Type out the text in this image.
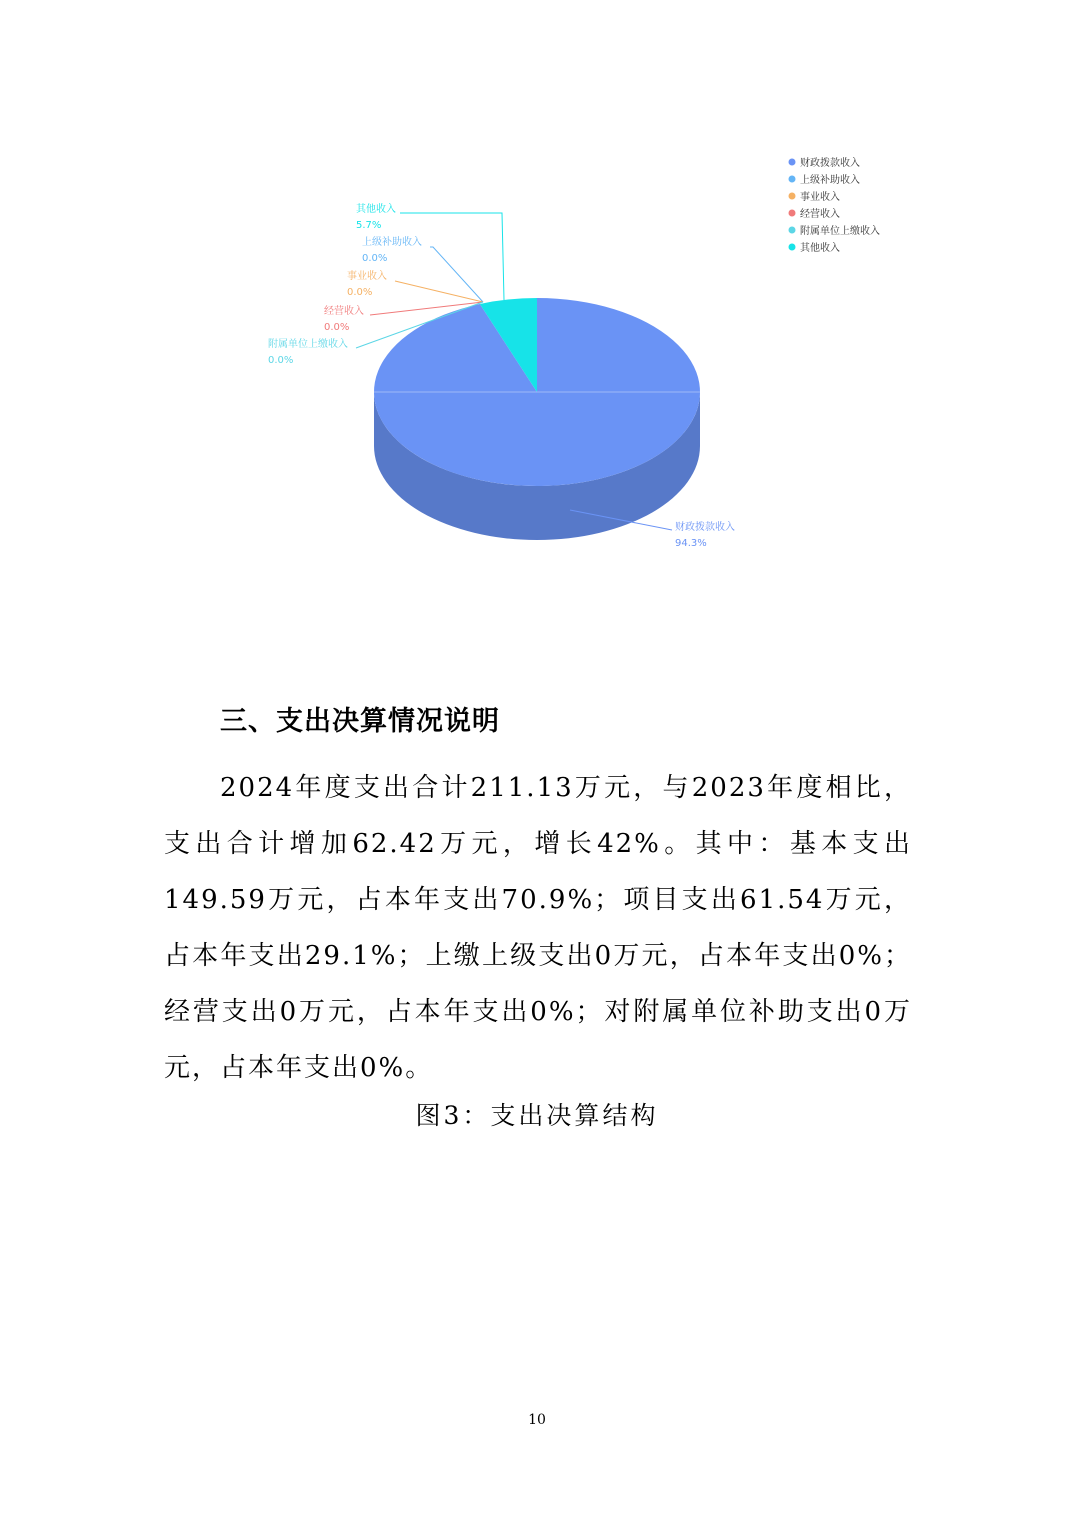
财政拨款收入
上级补助收入
事业收入
经营收入
附属单位上缴收入
其他收入
其他收入
5.7%
上级补助收入
0.0%
事业收入
0.0%
经营收入
0.0%
附属单位上缴收入
0.0%
财政拨款收入
94.3%
三、支出决算情况说明

2024年度支出合计211.13万元，与2023年度相比，支出合计增加62.42万元，增长42%。其中：基本支出149.59万元，占本年支出70.9%；项目支出61.54万元，占本年支出29.1%；上缴上级支出0万元，占本年支出0%；经营支出0万元，占本年支出0%；对附属单位补助支出0万元，占本年支出0%。

图3：支出决算结构
10
